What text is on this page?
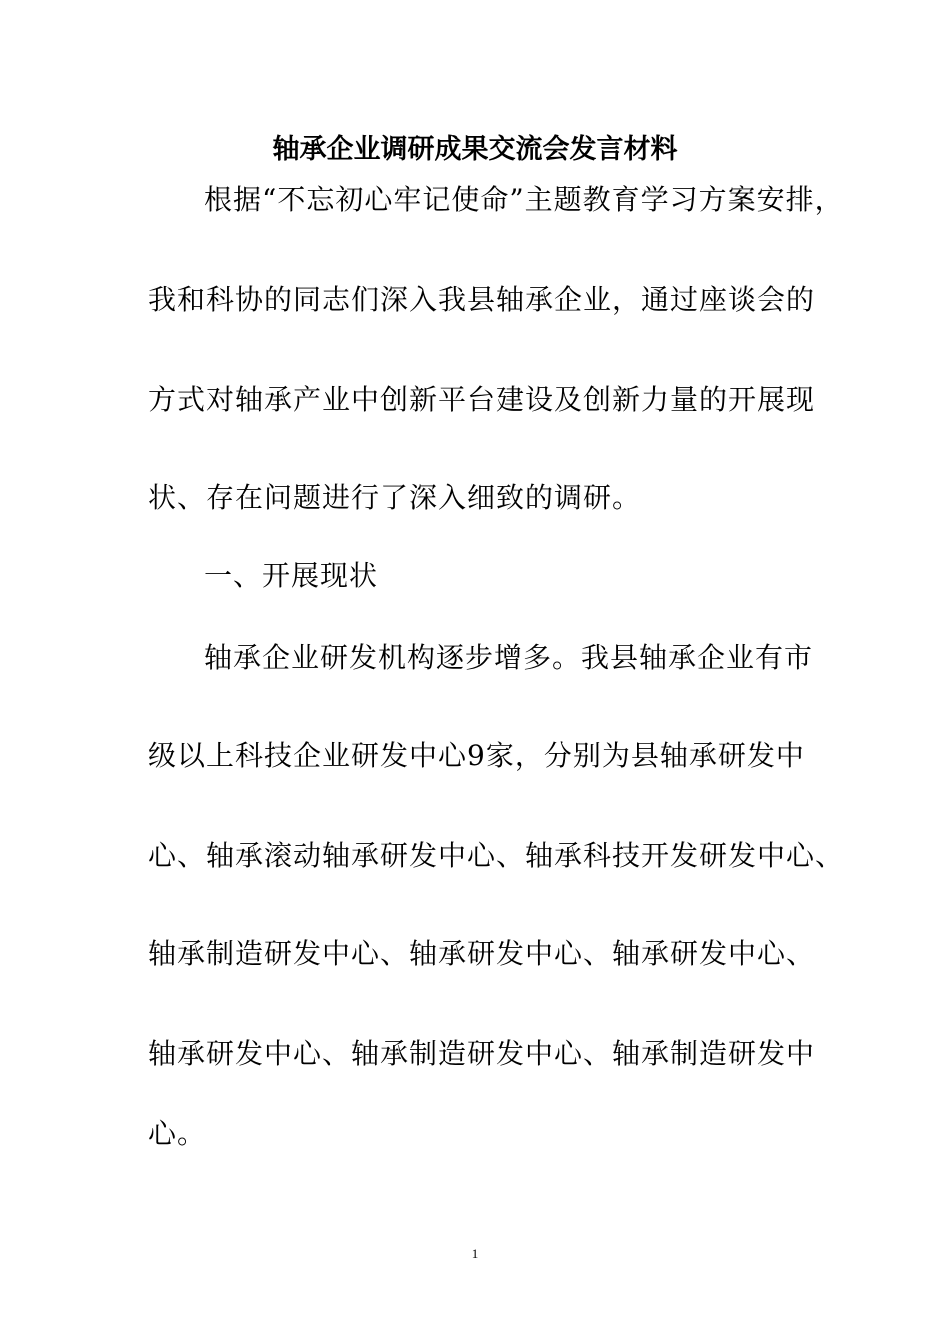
轴承企业调研成果交流会发言材料
根据“不忘初心牢记使命”主题教育学习方案安排，
我和科协的同志们深入我县轴承企业，通过座谈会的
方式对轴承产业中创新平台建设及创新力量的开展现
状、存在问题进行了深入细致的调研。
一、开展现状
轴承企业研发机构逐步增多。我县轴承企业有市
级以上科技企业研发中心9家，分别为县轴承研发中
心、轴承滚动轴承研发中心、轴承科技开发研发中心、
轴承制造研发中心、轴承研发中心、轴承研发中心、
轴承研发中心、轴承制造研发中心、轴承制造研发中
心。
1
